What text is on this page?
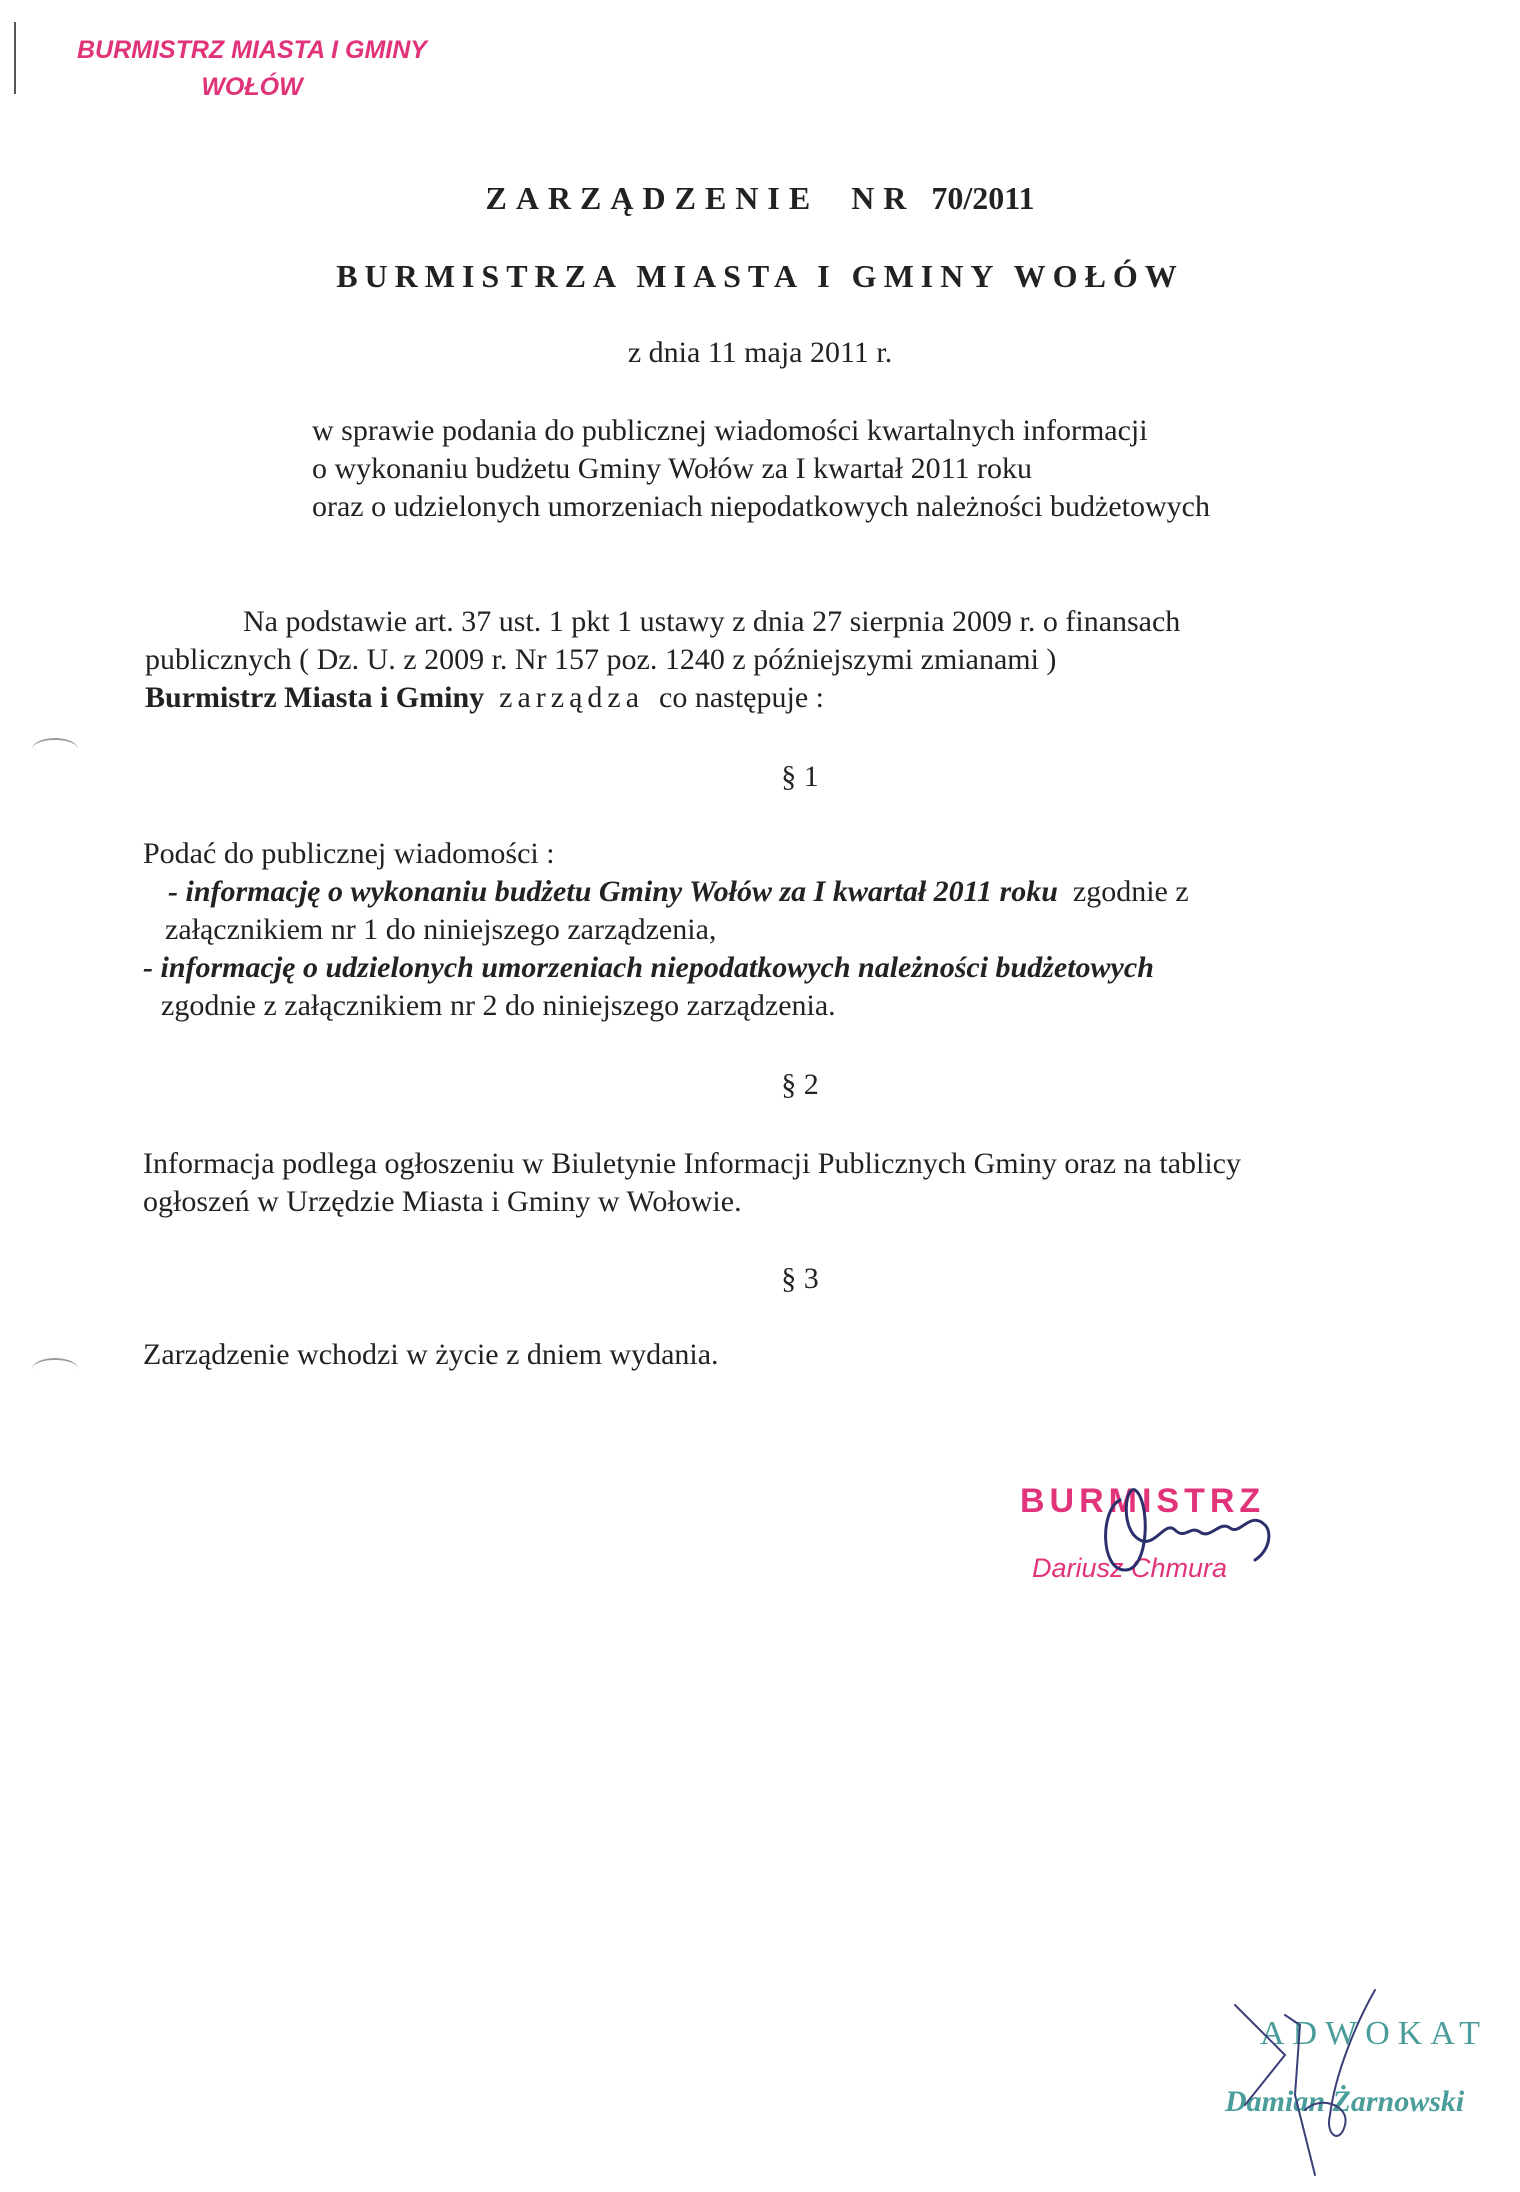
BURMISTRZ MIASTA I GMINY
WOŁÓW
ZARZĄDZENIE NR 70/2011
BURMISTRZA MIASTA I GMINY WOŁÓW
z dnia 11 maja 2011 r.
w sprawie podania do publicznej wiadomości kwartalnych informacji
o wykonaniu budżetu Gminy Wołów za I kwartał 2011 roku
oraz o udzielonych umorzeniach niepodatkowych należności budżetowych

Na podstawie art. 37 ust. 1 pkt 1 ustawy z dnia 27 sierpnia 2009 r. o finansach

publicznych ( Dz. U. z 2009 r. Nr 157 poz. 1240 z późniejszymi zmianami )

Burmistrz Miasta i Gminy zarządza co następuje :

§ 1

Podać do publicznej wiadomości :

- informację o wykonaniu budżetu Gminy Wołów za I kwartał 2011 roku zgodnie z

załącznikiem nr 1 do niniejszego zarządzenia,

- informację o udzielonych umorzeniach niepodatkowych należności budżetowych

zgodnie z załącznikiem nr 2 do niniejszego zarządzenia.

§ 2

Informacja podlega ogłoszeniu w Biuletynie Informacji Publicznych Gminy oraz na tablicy

ogłoszeń w Urzędzie Miasta i Gminy w Wołowie.

§ 3
Zarządzenie wchodzi w życie z dniem wydania.
BURMISTRZ
Dariusz Chmura
ADWOKAT
Damian Żarnowski
